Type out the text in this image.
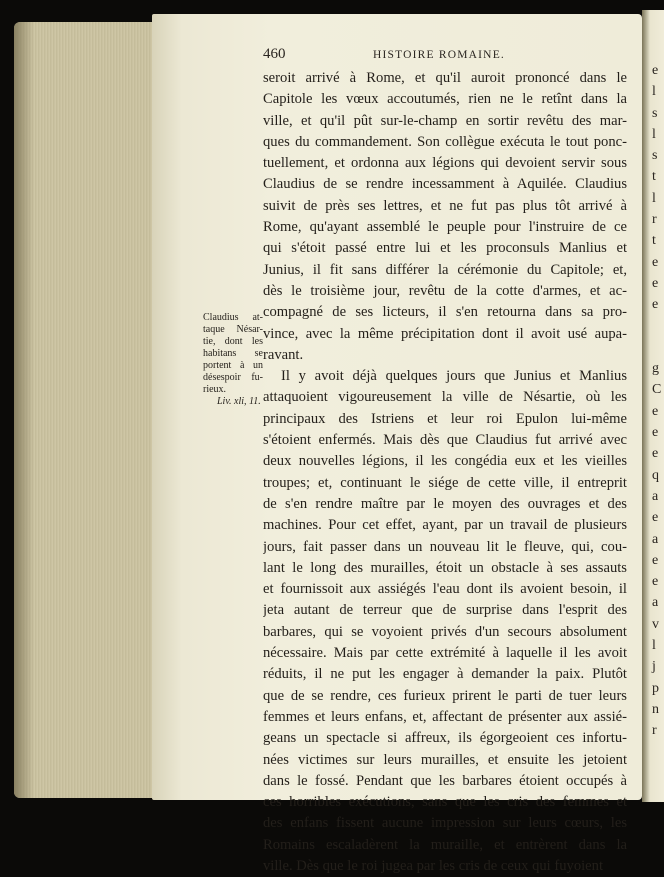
e
l
s
l
s
t
l
r
t
e
e
e
g
C
e
e
e
q
a
e
a
e
e
a
v
l
j
p
n
r
460	HISTOIRE ROMAINE.
Claudius at-
taque Nésar-
tie, dont les
habitans se
portent à un
désespoir fu-
rieux.
Liv. xli, 11.
seroit arrivé à Rome, et qu'il auroit prononcé dans le
Capitole les vœux accoutumés, rien ne le retînt dans la
ville, et qu'il pût sur-le-champ en sortir revêtu des mar-
ques du commandement. Son collègue exécuta le tout ponc-
tuellement, et ordonna aux légions qui devoient servir sous
Claudius de se rendre incessamment à Aquilée. Claudius
suivit de près ses lettres, et ne fut pas plus tôt arrivé à
Rome, qu'ayant assemblé le peuple pour l'instruire de ce
qui s'étoit passé entre lui et les proconsuls Manlius et
Junius, il fit sans différer la cérémonie du Capitole; et,
dès le troisième jour, revêtu de la cotte d'armes, et ac-
compagné de ses licteurs, il s'en retourna dans sa pro-
vince, avec la même précipitation dont il avoit usé aupa-
ravant.
Il y avoit déjà quelques jours que Junius et Manlius
attaquoient vigoureusement la ville de Nésartie, où les
principaux des Istriens et leur roi Epulon lui-même
s'étoient enfermés. Mais dès que Claudius fut arrivé avec
deux nouvelles légions, il les congédia eux et les vieilles
troupes; et, continuant le siége de cette ville, il entreprit
de s'en rendre maître par le moyen des ouvrages et des
machines. Pour cet effet, ayant, par un travail de plusieurs
jours, fait passer dans un nouveau lit le fleuve, qui, cou-
lant le long des murailles, étoit un obstacle à ses assauts
et fournissoit aux assiégés l'eau dont ils avoient besoin, il
jeta autant de terreur que de surprise dans l'esprit des
barbares, qui se voyoient privés d'un secours absolument
nécessaire. Mais par cette extrémité à laquelle il les avoit
réduits, il ne put les engager à demander la paix. Plutôt
que de se rendre, ces furieux prirent le parti de tuer leurs
femmes et leurs enfans, et, affectant de présenter aux assié-
geans un spectacle si affreux, ils égorgeoient ces infortu-
nées victimes sur leurs murailles, et ensuite les jetoient
dans le fossé. Pendant que les barbares étoient occupés à
ces horribles exécutions, sans que les cris des femmes et
des enfans fissent aucune impression sur leurs cœurs, les
Romains escaladèrent la muraille, et entrèrent dans la
ville. Dès que le roi jugea par les cris de ceux qui fuyoient
